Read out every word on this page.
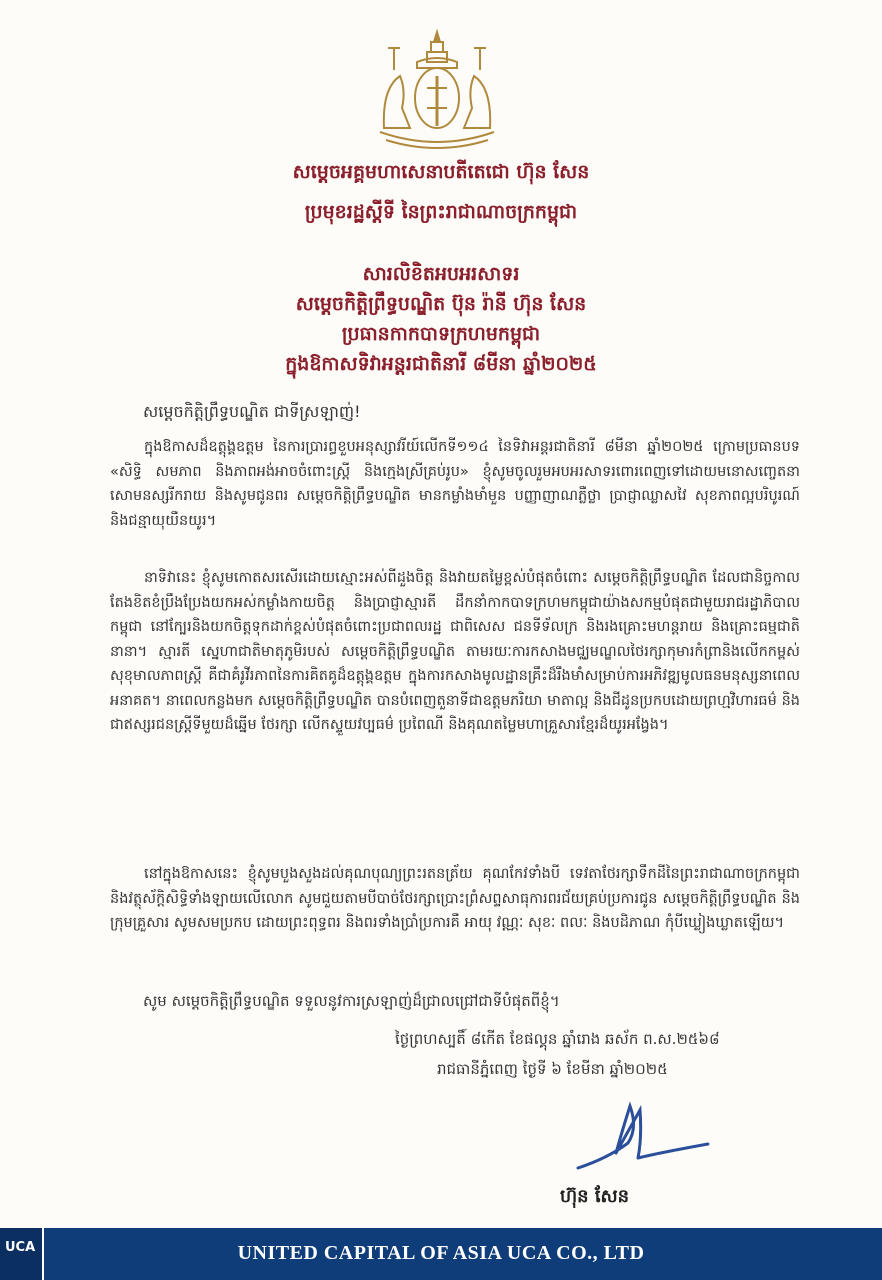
សម្ដេចអគ្គមហាសេនាបតីតេជោ ហ៊ុន សែន
ប្រមុខរដ្ឋស្ដីទី នៃព្រះរាជាណាចក្រកម្ពុជា
សារលិខិតអបអរសាទរ
សម្ដេចកិត្តិព្រឹទ្ធបណ្ឌិត ប៊ុន រ៉ានី ហ៊ុន សែន
ប្រធានកាកបាទក្រហមកម្ពុជា
ក្នុងឱកាសទិវាអន្តរជាតិនារី ៨មីនា ឆ្នាំ២០២៥
សម្ដេចកិត្តិព្រឹទ្ធបណ្ឌិត ជាទីស្រឡាញ់!

ក្នុងឱកាសដ៏ឧត្ដុង្គឧត្ដម នៃការប្រារព្ធខួបអនុស្សាវរីយ៍លើកទី១១៤ នៃទិវាអន្តរជាតិនារី ៨មីនា ឆ្នាំ២០២៥ ក្រោមប្រធានបទ «សិទ្ធិ សមភាព និងភាពអង់អាចចំពោះស្ត្រី និងក្មេងស្រីគ្រប់រូប» ខ្ញុំសូមចូលរួមអបអរសាទរពោរពេញទៅដោយមនោសញ្ចេតនាសោមនស្សរីករាយ និងសូមជូនពរ សម្ដេចកិត្តិព្រឹទ្ធបណ្ឌិត មានកម្លាំងមាំមួន បញ្ញាញាណភ្លឺថ្លា ប្រាជ្ញាឈ្លាសវៃ សុខភាពល្អបរិបូរណ៍ និងជន្មាយុយឺនយូរ។

នាទិវានេះ ខ្ញុំសូមកោតសរសើរដោយស្មោះអស់ពីដួងចិត្ត និងវាយតម្លៃខ្ពស់បំផុតចំពោះ សម្ដេចកិត្តិព្រឹទ្ធបណ្ឌិត ដែលជានិច្ចកាលតែងខិតខំប្រឹងប្រែងយកអស់កម្លាំងកាយចិត្ត និងប្រាជ្ញាស្មារតី ដឹកនាំកាកបាទក្រហមកម្ពុជាយ៉ាងសកម្មបំផុតជាមួយរាជរដ្ឋាភិបាលកម្ពុជា នៅក្បែរនិងយកចិត្តទុកដាក់ខ្ពស់បំផុតចំពោះប្រជាពលរដ្ឋ ជាពិសេស ជនទីទ័លក្រ និងរងគ្រោះមហន្តរាយ និងគ្រោះធម្មជាតិនានា។ ស្មារតី ស្នេហាជាតិមាតុភូមិរបស់ សម្ដេចកិត្តិព្រឹទ្ធបណ្ឌិត តាមរយៈការកសាងមជ្ឈមណ្ឌលថៃរក្សាកុមារកំព្រានិងលើកកម្ពស់សុខុមាលភាពស្ត្រី គឺជាគំរូវីរភាពនៃការគិតគូដ៏ឧត្ដុង្គឧត្ដម ក្នុងការកសាងមូលដ្ឋានគ្រឹះដ៏រឹងមាំសម្រាប់ការអភិវឌ្ឍមូលធនមនុស្សនាពេលអនាគត។ នាពេលកន្លងមក សម្ដេចកិត្តិព្រឹទ្ធបណ្ឌិត បានបំពេញតួនាទីជាឧត្ដមភរិយា មាតាល្អ និងជីដូនប្រកបដោយព្រហ្មវិហារធម៌ និងជាឥស្សរជនស្ត្រីទីមួយដ៏ឆ្នើម ថែរក្សា លើកស្ទួយវប្បធម៌ ប្រពៃណី និងគុណតម្លៃមហាគ្រួសារខ្មែរដ៏យូរអង្វែង។

នៅក្នុងឱកាសនេះ ខ្ញុំសូមបួងសួងដល់គុណបុណ្យព្រះរតនត្រ័យ គុណកែវទាំងបី ទេវតាថែរក្សាទឹកដីនៃព្រះរាជាណាចក្រកម្ពុជា និងវត្ថុស័ក្តិសិទ្ធិទាំងឡាយលើលោក សូមជួយតាមបីបាច់ថែរក្សាប្រោះព្រំសព្ទសាធុការពរជ័យគ្រប់ប្រការជូន សម្ដេចកិត្តិព្រឹទ្ធបណ្ឌិត និងក្រុមគ្រួសារ សូមសមប្រកប ដោយព្រះពុទ្ធពរ និងពរទាំងប្រាំប្រការគឺ អាយុ វណ្ណៈ សុខៈ ពលៈ និងបដិភាណ កុំបីឃ្លៀងឃ្លាតឡើយ។

សូម សម្ដេចកិត្តិព្រឹទ្ធបណ្ឌិត ទទួលនូវការស្រឡាញ់ដ៏ជ្រាលជ្រៅជាទីបំផុតពីខ្ញុំ។
ថ្ងៃព្រហស្បតិ៍ ៨កើត ខែផល្គុន ឆ្នាំរោង ឆស័ក ព.ស.២៥៦៨
រាជធានីភ្នំពេញ ថ្ងៃទី ៦ ខែមីនា ឆ្នាំ២០២៥
ហ៊ុន សែន
UCA	UNITED CAPITAL OF ASIA UCA CO., LTD
